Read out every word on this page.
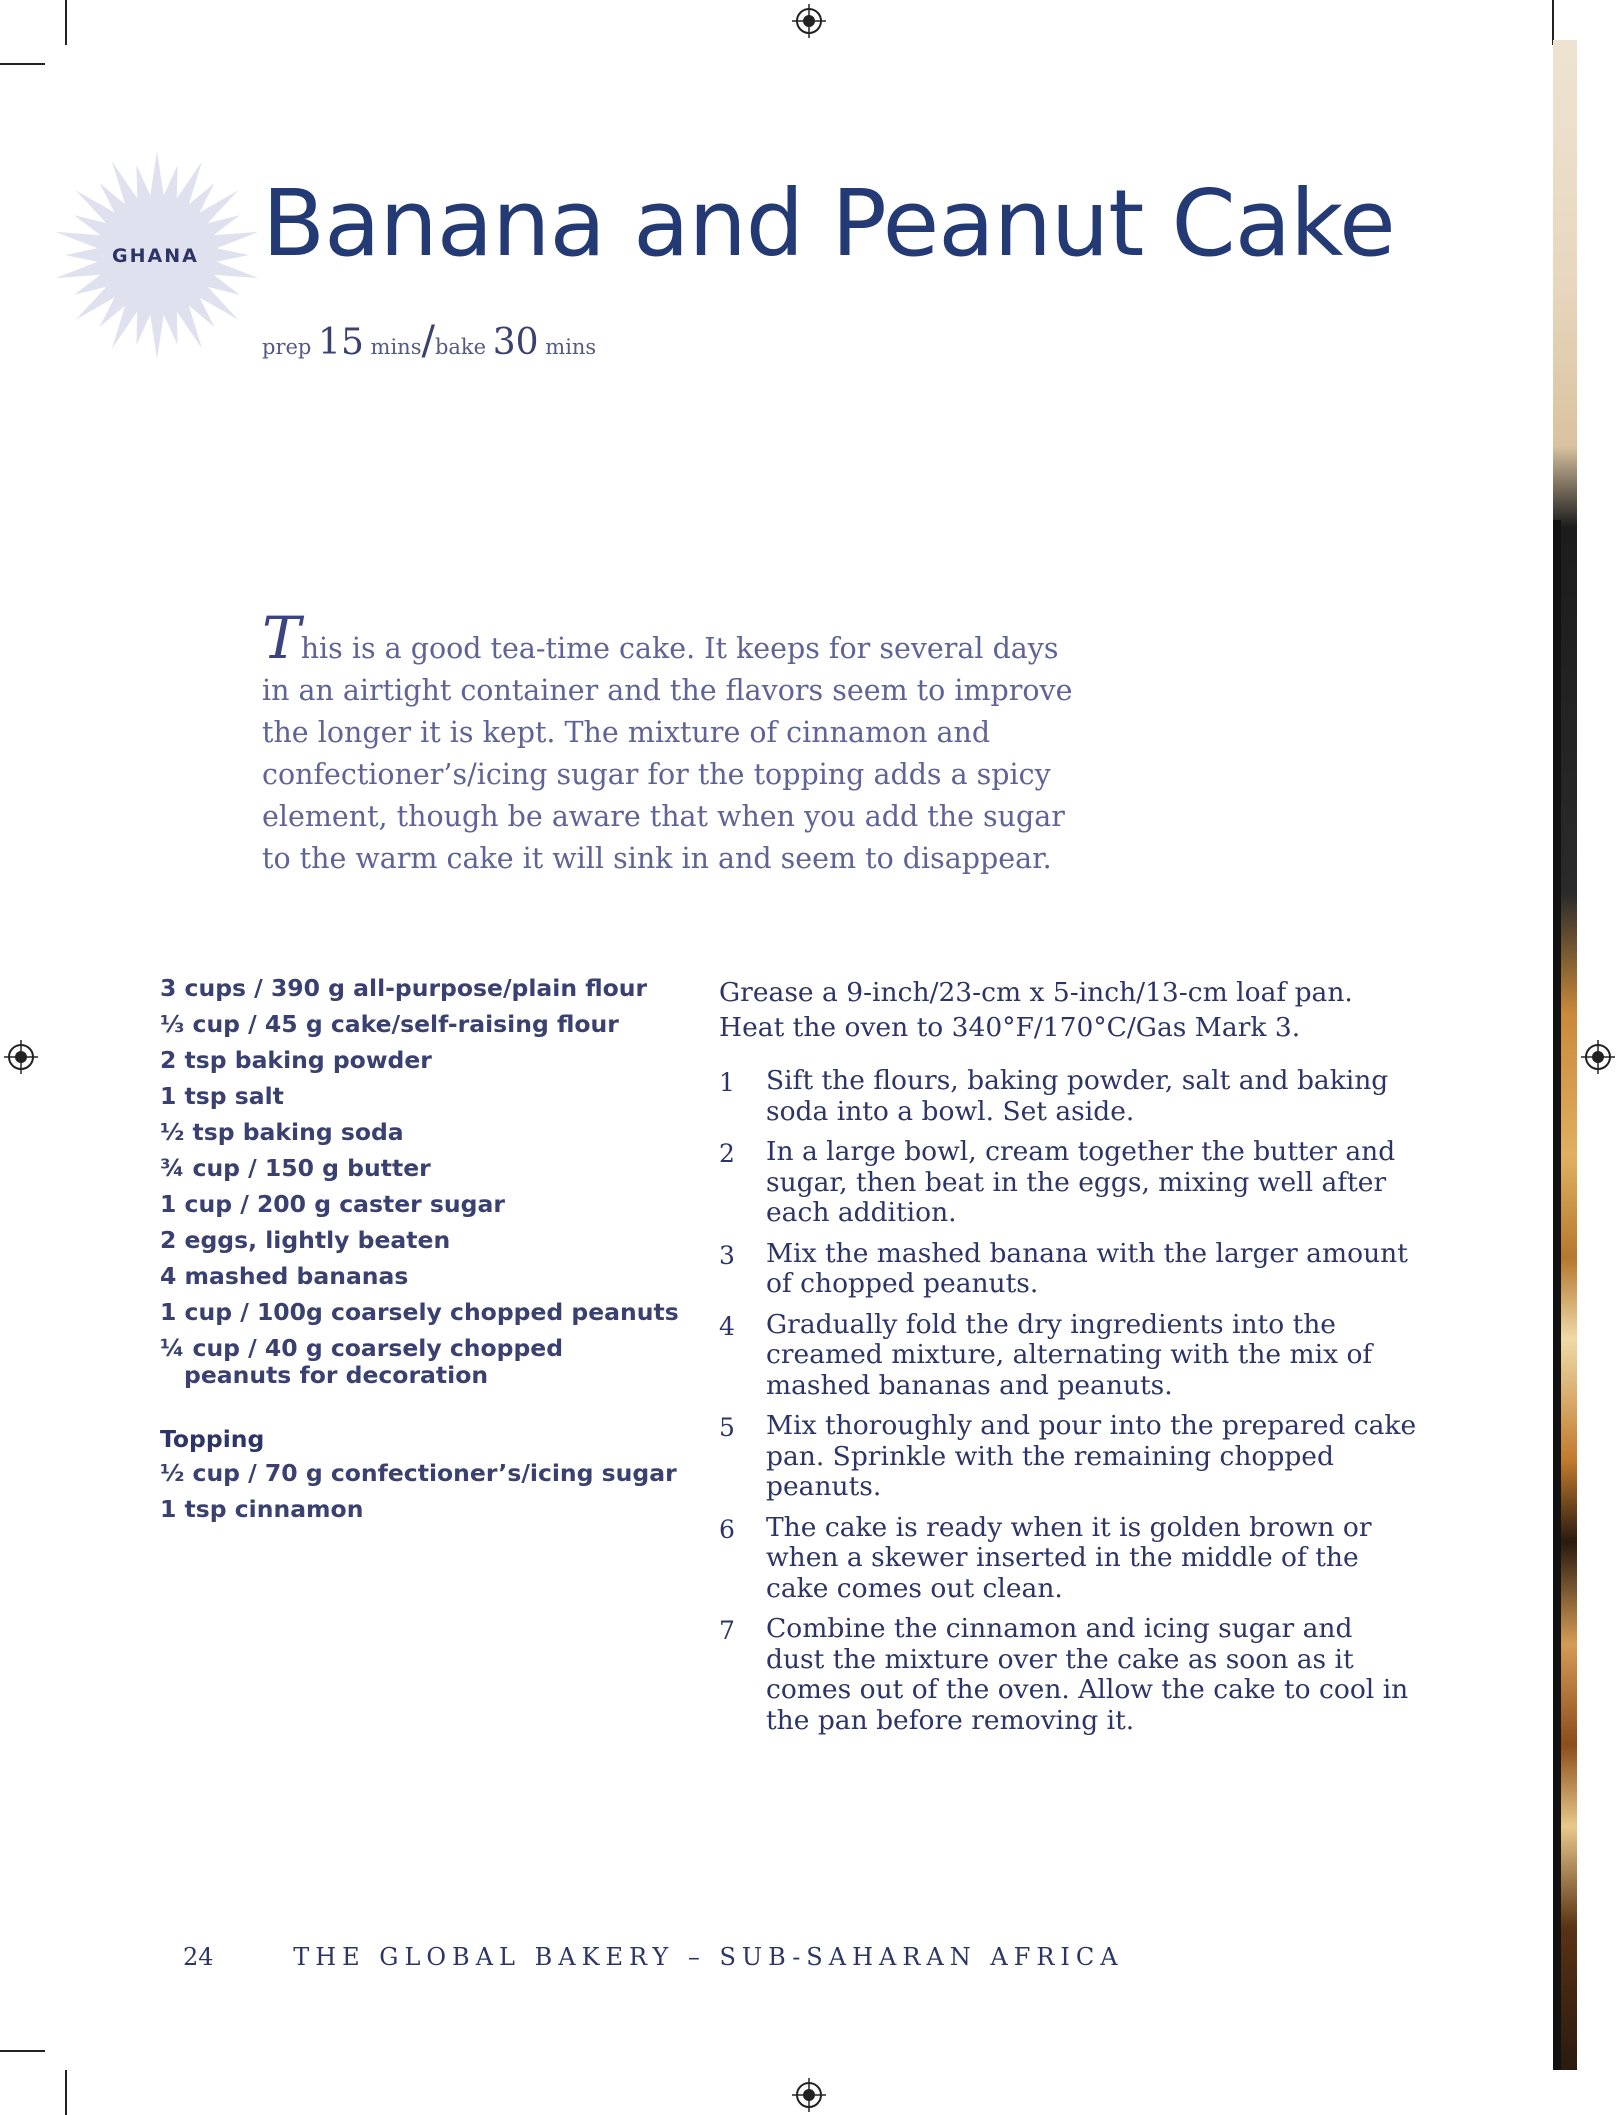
GHANA Banana and Peanut Cake
prep 15 mins/bake 30 mins

This is a good tea-time cake. It keeps for several days in an airtight container and the flavors seem to improve the longer it is kept. The mixture of cinnamon and confectioner’s/icing sugar for the topping adds a spicy element, though be aware that when you add the sugar to the warm cake it will sink in and seem to disappear.

3 cups / 390 g all-purpose/plain flour
⅓ cup / 45 g cake/self-raising flour
2 tsp baking powder
1 tsp salt
½ tsp baking soda
¾ cup / 150 g butter
1 cup / 200 g caster sugar
2 eggs, lightly beaten
4 mashed bananas
1 cup / 100g coarsely chopped peanuts
¼ cup / 40 g coarsely chopped peanuts for decoration
Topping
½ cup / 70 g confectioner’s/icing sugar
1 tsp cinnamon

Grease a 9-inch/23-cm x 5-inch/13-cm loaf pan.
Heat the oven to 340°F/170°C/Gas Mark 3.

1 Sift the flours, baking powder, salt and baking soda into a bowl. Set aside.
2 In a large bowl, cream together the butter and sugar, then beat in the eggs, mixing well after each addition.
3 Mix the mashed banana with the larger amount of chopped peanuts.
4 Gradually fold the dry ingredients into the creamed mixture, alternating with the mix of mashed bananas and peanuts.
5 Mix thoroughly and pour into the prepared cake pan. Sprinkle with the remaining chopped peanuts.
6 The cake is ready when it is golden brown or when a skewer inserted in the middle of the cake comes out clean.
7 Combine the cinnamon and icing sugar and dust the mixture over the cake as soon as it comes out of the oven. Allow the cake to cool in the pan before removing it.
24	THE GLOBAL BAKERY – SUB-SAHARAN AFRICA
